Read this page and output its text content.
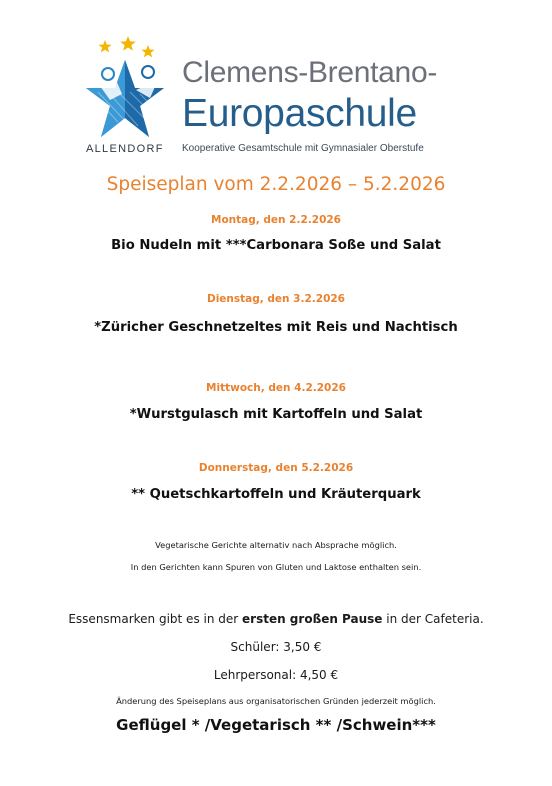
Clemens-Brentano-
Europaschule
ALLENDORF Kooperative Gesamtschule mit Gymnasialer Oberstufe
Speiseplan vom 2.2.2026 – 5.2.2026
Montag, den 2.2.2026
Bio Nudeln mit ***Carbonara Soße und Salat
Dienstag, den 3.2.2026
*Züricher Geschnetzeltes mit Reis und Nachtisch
Mittwoch, den 4.2.2026
*Wurstgulasch mit Kartoffeln und Salat
Donnerstag, den 5.2.2026
** Quetschkartoffeln und Kräuterquark
Vegetarische Gerichte alternativ nach Absprache möglich.
In den Gerichten kann Spuren von Gluten und Laktose enthalten sein.
Essensmarken gibt es in der ersten großen Pause in der Cafeteria.
Schüler: 3,50 €
Lehrpersonal: 4,50 €
Änderung des Speiseplans aus organisatorischen Gründen jederzeit möglich.
Geflügel * /Vegetarisch ** /Schwein***
